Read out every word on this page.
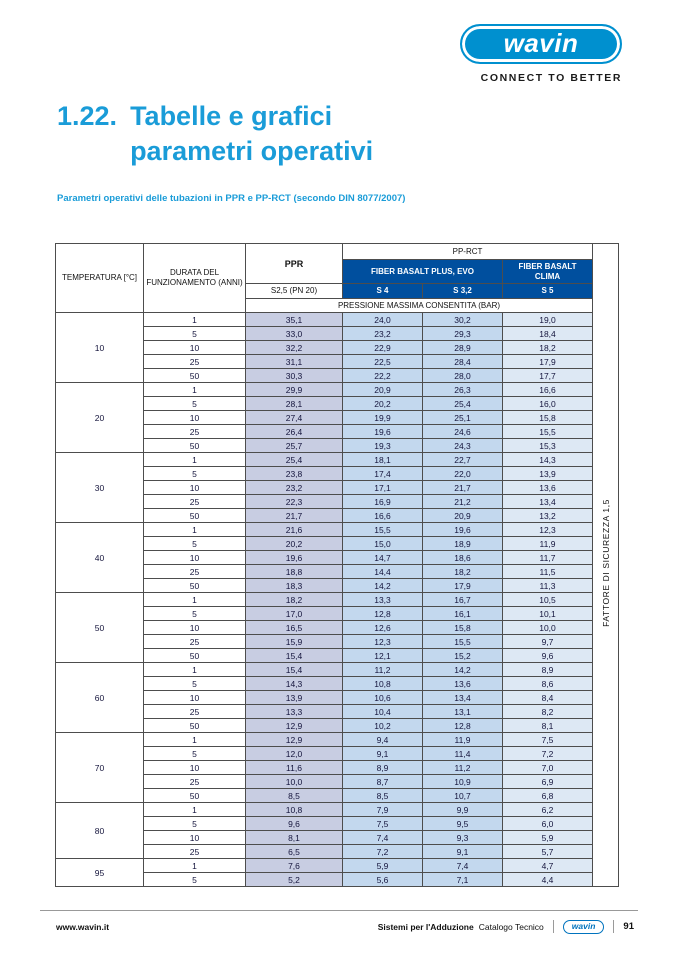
wavin
CONNECT TO BETTER
1.22. Tabelle e grafici
parametri operativi
Parametri operativi delle tubazioni in PPR e PP-RCT (secondo DIN 8077/2007)
TEMPERATURA [°C]	DURATA DEL FUNZIONAMENTO (ANNI)	PPR	PP-RCT			FATTORE DI SICUREZZA 1,5
			FIBER BASALT PLUS, EVO		FIBER BASALT CLIMA	
		S2,5 (PN 20)	S 4	S 3,2	S 5	
		PRESSIONE MASSIMA CONSENTITA (BAR)				
10	1	35,1	24,0	30,2	19,0	
	5	33,0	23,2	29,3	18,4	
	10	32,2	22,9	28,9	18,2	
	25	31,1	22,5	28,4	17,9	
	50	30,3	22,2	28,0	17,7	
20	1	29,9	20,9	26,3	16,6	
	5	28,1	20,2	25,4	16,0	
	10	27,4	19,9	25,1	15,8	
	25	26,4	19,6	24,6	15,5	
	50	25,7	19,3	24,3	15,3	
30	1	25,4	18,1	22,7	14,3	
	5	23,8	17,4	22,0	13,9	
	10	23,2	17,1	21,7	13,6	
	25	22,3	16,9	21,2	13,4	
	50	21,7	16,6	20,9	13,2	
40	1	21,6	15,5	19,6	12,3	
	5	20,2	15,0	18,9	11,9	
	10	19,6	14,7	18,6	11,7	
	25	18,8	14,4	18,2	11,5	
	50	18,3	14,2	17,9	11,3	
50	1	18,2	13,3	16,7	10,5	
	5	17,0	12,8	16,1	10,1	
	10	16,5	12,6	15,8	10,0	
	25	15,9	12,3	15,5	9,7	
	50	15,4	12,1	15,2	9,6	
60	1	15,4	11,2	14,2	8,9	
	5	14,3	10,8	13,6	8,6	
	10	13,9	10,6	13,4	8,4	
	25	13,3	10,4	13,1	8,2	
	50	12,9	10,2	12,8	8,1	
70	1	12,9	9,4	11,9	7,5	
	5	12,0	9,1	11,4	7,2	
	10	11,6	8,9	11,2	7,0	
	25	10,0	8,7	10,9	6,9	
	50	8,5	8,5	10,7	6,8	
80	1	10,8	7,9	9,9	6,2	
	5	9,6	7,5	9,5	6,0	
	10	8,1	7,4	9,3	5,9	
	25	6,5	7,2	9,1	5,7	
95	1	7,6	5,9	7,4	4,7	
	5	5,2	5,6	7,1	4,4	
www.wavin.it	Sistemi per l'Adduzione Catalogo Tecnico	wavin	91
